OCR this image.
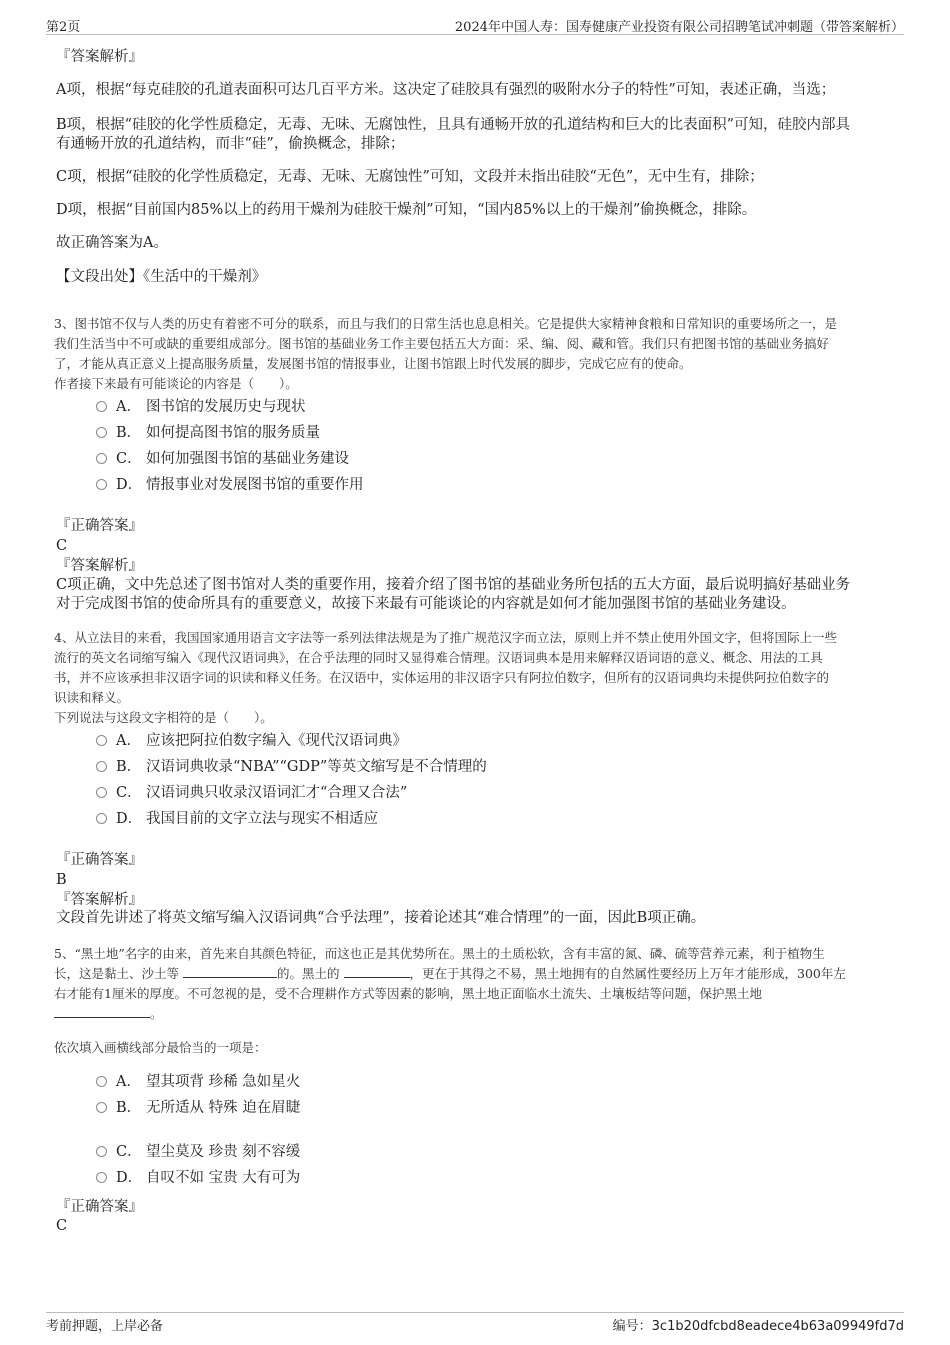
第2页	2024年中国人寿：国寿健康产业投资有限公司招聘笔试冲刺题（带答案解析）
『答案解析』
A项，根据“每克硅胶的孔道表面积可达几百平方米。这决定了硅胶具有强烈的吸附水分子的特性”可知，表述正确，当选；
B项，根据“硅胶的化学性质稳定，无毒、无味、无腐蚀性，且具有通畅开放的孔道结构和巨大的比表面积”可知，硅胶内部具
有通畅开放的孔道结构，而非“硅”，偷换概念，排除；
C项，根据“硅胶的化学性质稳定，无毒、无味、无腐蚀性”可知，文段并未指出硅胶“无色”，无中生有，排除；
D项，根据“目前国内85%以上的药用干燥剂为硅胶干燥剂”可知，“国内85%以上的干燥剂”偷换概念，排除。
故正确答案为A。
【文段出处】《生活中的干燥剂》
3、图书馆不仅与人类的历史有着密不可分的联系，而且与我们的日常生活也息息相关。它是提供大家精神食粮和日常知识的重要场所之一，是
我们生活当中不可或缺的重要组成部分。图书馆的基础业务工作主要包括五大方面：采、编、阅、藏和管。我们只有把图书馆的基础业务搞好
了，才能从真正意义上提高服务质量，发展图书馆的情报事业，让图书馆跟上时代发展的脚步，完成它应有的使命。
作者接下来最有可能谈论的内容是（　　）。
A． 图书馆的发展历史与现状
B． 如何提高图书馆的服务质量
C． 如何加强图书馆的基础业务建设
D． 情报事业对发展图书馆的重要作用
『正确答案』
C
『答案解析』
C项正确，文中先总述了图书馆对人类的重要作用，接着介绍了图书馆的基础业务所包括的五大方面，最后说明搞好基础业务
对于完成图书馆的使命所具有的重要意义，故接下来最有可能谈论的内容就是如何才能加强图书馆的基础业务建设。
4、从立法目的来看，我国国家通用语言文字法等一系列法律法规是为了推广规范汉字而立法，原则上并不禁止使用外国文字，但将国际上一些
流行的英文名词缩写编入《现代汉语词典》，在合乎法理的同时又显得难合情理。汉语词典本是用来解释汉语词语的意义、概念、用法的工具
书，并不应该承担非汉语字词的识读和释义任务。在汉语中，实体运用的非汉语字只有阿拉伯数字，但所有的汉语词典均未提供阿拉伯数字的
识读和释义。
下列说法与这段文字相符的是（　　）。
A． 应该把阿拉伯数字编入《现代汉语词典》
B． 汉语词典收录“NBA”“GDP”等英文缩写是不合情理的
C． 汉语词典只收录汉语词汇才“合理又合法”
D． 我国目前的文字立法与现实不相适应
『正确答案』
B
『答案解析』
文段首先讲述了将英文缩写编入汉语词典“合乎法理”，接着论述其“难合情理”的一面，因此B项正确。
5、“黑土地”名字的由来，首先来自其颜色特征，而这也正是其优势所在。黑土的土质松软，含有丰富的氮、磷、硫等营养元素，利于植物生
长，这是黏土、沙土等	的。黑土的	，更在于其得之不易，黑土地拥有的自然属性要经历上万年才能形成，300年左
右才能有1厘米的厚度。不可忽视的是，受不合理耕作方式等因素的影响，黑土地正面临水土流失、土壤板结等问题，保护黑土地
。
依次填入画横线部分最恰当的一项是：
A． 望其项背 珍稀 急如星火
B． 无所适从 特殊 迫在眉睫
C． 望尘莫及 珍贵 刻不容缓
D． 自叹不如 宝贵 大有可为
『正确答案』
C
考前押题，上岸必备	编号：3c1b20dfcbd8eadece4b63a09949fd7d
